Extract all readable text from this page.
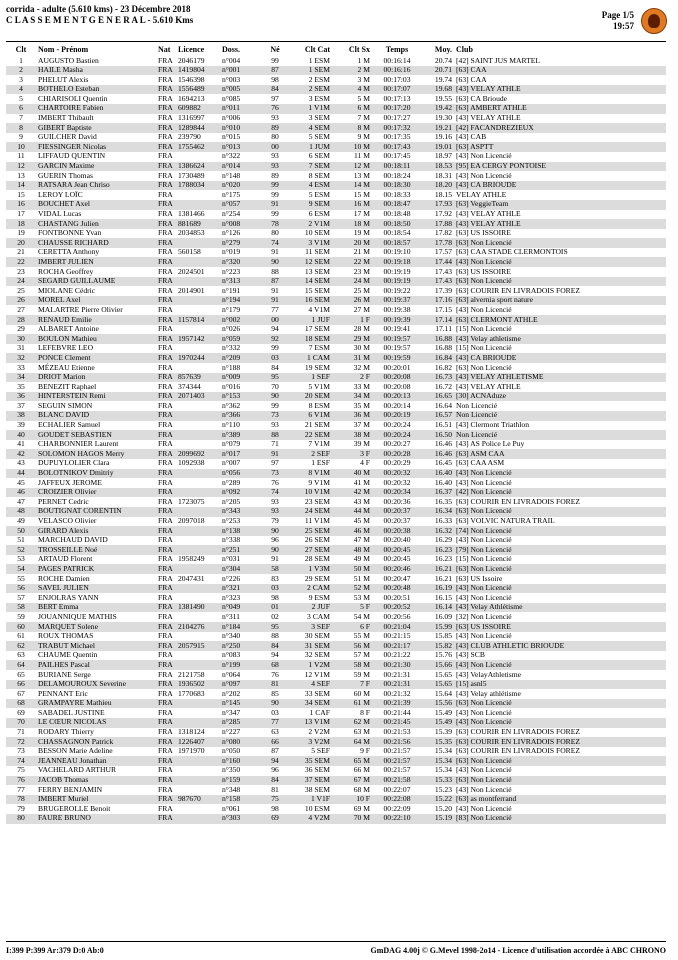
corrida - adulte (5.610 kms) - 23 Décembre 2018
C L A S S E M E N T G E N E R A L - 5.610 Kms	Page 1/5
19:57
Clt	Nom - Prénom	Nat	Licence	Doss.	Né	Clt Cat	Clt Sx	Temps	Moy.	Club
1	AUGUSTO Bastien	FRA	2046179	n°004	99	1 ESM	1 M	00:16:14	20.74	[42] SAINT JUS MARTEL
2	HAILE Masha	FRA	1419804	n°001	87	1 SEM	2 M	00:16:16	20.71	[63] CAA
3	PHELUT Alexis	FRA	1546398	n°003	98	2 ESM	3 M	00:17:03	19.74	[63] CAA
4	BOTHELO Esteban	FRA	1556489	n°005	84	2 SEM	4 M	00:17:07	19.68	[43] VELAY ATHLE
5	CHIARISOLI Quentin	FRA	1694213	n°085	97	3 ESM	5 M	00:17:13	19.55	[63] CA Brioude
6	CHARTOIRE Fabien	FRA	609882	n°011	76	1 V1M	6 M	00:17:20	19.42	[63] AMBERT ATHLE
7	IMBERT Thibault	FRA	1316997	n°006	93	3 SEM	7 M	00:17:27	19.30	[43] VELAY ATHLE
8	GIBERT Baptiste	FRA	1289844	n°010	89	4 SEM	8 M	00:17:32	19.21	[42] FACANDREZIEUX
9	GUILCHER David	FRA	239790	n°015	80	5 SEM	9 M	00:17:35	19.16	[43] CAB
10	FIESSINGER Nicolas	FRA	1755462	n°013	00	1 JUM	10 M	00:17:43	19.01	[63] ASPTT
11	LIFFAUD QUENTIN	FRA		n°322	93	6 SEM	11 M	00:17:45	18.97	[43] Non Licencié
12	GARCIN Maxime	FRA	1386624	n°014	93	7 SEM	12 M	00:18:11	18.53	[95] EA CERGY PONTOISE
13	GUERIN Thomas	FRA	1730489	n°148	89	8 SEM	13 M	00:18:24	18.31	[43] Non Licencié
14	RATSARA Jean Chriso	FRA	1788034	n°020	99	4 ESM	14 M	00:18:30	18.20	[43] CA BRIOUDE
15	LEROY LOÏC	FRA		n°175	99	5 ESM	15 M	00:18:33	18.15	VELAY ATHLE
16	BOUCHET Axel	FRA		n°057	91	9 SEM	16 M	00:18:47	17.93	[63] VeggieTeam
17	VIDAL Lucas	FRA	1381466	n°254	99	6 ESM	17 M	00:18:48	17.92	[43] VELAY ATHLE
18	CHASTANG Julien	FRA	881689	n°008	78	2 V1M	18 M	00:18:50	17.88	[43] VELAY ATHLE
19	FONTBONNE Yvan	FRA	2034853	n°126	80	10 SEM	19 M	00:18:54	17.82	[63] US ISSOIRE
20	CHAUSSE RICHARD	FRA		n°279	74	3 V1M	20 M	00:18:57	17.78	[63] Non Licencié
21	CERETTA Anthony	FRA	560158	n°019	91	11 SEM	21 M	00:19:10	17.57	[63] CAA STADE CLERMONTOIS
22	IMBERT JULIEN	FRA		n°320	90	12 SEM	22 M	00:19:18	17.44	[43] Non Licencié
23	ROCHA Geoffrey	FRA	2024501	n°223	88	13 SEM	23 M	00:19:19	17.43	[63] US ISSOIRE
24	SEGARD GUILLAUME	FRA		n°313	87	14 SEM	24 M	00:19:19	17.43	[63] Non Licencié
25	MIOLANE Cédric	FRA	2014901	n°191	91	15 SEM	25 M	00:19:22	17.39	[63] COURIR EN LIVRADOIS FOREZ
26	MOREL Axel	FRA		n°194	91	16 SEM	26 M	00:19:37	17.16	[63] alvernia sport nature
27	MALARTRE Pierre Olivier	FRA		n°179	77	4 V1M	27 M	00:19:38	17.15	[43] Non Licencié
28	RENAUD Emilie	FRA	1157814	n°002	00	1 JUF	1 F	00:19:39	17.14	[63] CLERMONT ATHLE
29	ALBARET Antoine	FRA		n°026	94	17 SEM	28 M	00:19:41	17.11	[15] Non Licencié
30	BOULON Mathieu	FRA	1957142	n°059	92	18 SEM	29 M	00:19:57	16.88	[43] Velay athletisme
31	LEFEBVRE LEO	FRA		n°332	99	7 ESM	30 M	00:19:57	16.88	[15] Non Licencié
32	PONCE Clement	FRA	1970244	n°209	03	1 CAM	31 M	00:19:59	16.84	[43] CA BRIOUDE
33	MÉZEAU Etienne	FRA		n°188	84	19 SEM	32 M	00:20:01	16.82	[63] Non Licencié
34	DRIOT Marion	FRA	857639	n°009	95	1 SEF	2 F	00:20:08	16.73	[43] VELAY ATHLETISME
35	BENEZIT Raphael	FRA	374344	n°016	70	5 V1M	33 M	00:20:08	16.72	[43] VELAY ATHLE
36	HINTERSTEIN Remi	FRA	2071403	n°153	90	20 SEM	34 M	00:20:13	16.65	[30] ACNAduze
37	SEGUIN SIMON	FRA		n°362	99	8 ESM	35 M	00:20:14	16.64	Non Licencié
38	BLANC DAVID	FRA		n°366	73	6 V1M	36 M	00:20:19	16.57	Non Licencié
39	ECHALIER Samuel	FRA		n°110	93	21 SEM	37 M	00:20:24	16.51	[43] Clermont Triathlon
40	GOUDET SEBASTIEN	FRA		n°389	88	22 SEM	38 M	00:20:24	16.50	Non Licencié
41	CHARBONNIER Laurent	FRA		n°079	71	7 V1M	39 M	00:20:27	16.46	[43] AS Police Le Puy
42	SOLOMON HAGOS Merry	FRA	2099692	n°017	91	2 SEF	3 F	00:20:28	16.46	[63] ASM CAA
43	DUPUYLOLIER Clara	FRA	1092938	n°007	97	1 ESF	4 F	00:20:29	16.45	[63] CAA ASM
44	BOLOTNIKOV Dmitriy	FRA		n°056	73	8 V1M	40 M	00:20:32	16.40	[43] Non Licencié
45	JAFFEUX JEROME	FRA		n°289	76	9 V1M	41 M	00:20:32	16.40	[43] Non Licencié
46	CROIZIER Olivier	FRA		n°092	74	10 V1M	42 M	00:20:34	16.37	[42] Non Licencié
47	PERNET Cedric	FRA	1723075	n°205	93	23 SEM	43 M	00:20:36	16.35	[63] COURIR EN LIVRADOIS FOREZ
48	BOUTIGNAT CORENTIN	FRA		n°343	93	24 SEM	44 M	00:20:37	16.34	[63] Non Licencié
49	VELASCO Olivier	FRA	2097018	n°253	79	11 V1M	45 M	00:20:37	16.33	[63] VOLVIC NATURA TRAIL
50	GIRARD Alexis	FRA		n°138	90	25 SEM	46 M	00:20:38	16.32	[74] Non Licencié
51	MARCHAUD DAVID	FRA		n°338	96	26 SEM	47 M	00:20:40	16.29	[43] Non Licencié
52	TROSSEILLE Noé	FRA		n°251	90	27 SEM	48 M	00:20:45	16.23	[79] Non Licencié
53	ARTAUD Florent	FRA	1958249	n°031	91	28 SEM	49 M	00:20:45	16.23	[15] Non Licencié
54	PAGES PATRICK	FRA		n°304	58	1 V3M	50 M	00:20:46	16.21	[63] Non Licencié
55	ROCHE Damien	FRA	2047431	n°226	83	29 SEM	51 M	00:20:47	16.21	[63] US Issoire
56	SAVEL JULIEN	FRA		n°321	03	2 CAM	52 M	00:20:48	16.19	[43] Non Licencié
57	ENJOLRAS YANN	FRA		n°323	98	9 ESM	53 M	00:20:51	16.15	[43] Non Licencié
58	BERT Emma	FRA	1381490	n°049	01	2 JUF	5 F	00:20:52	16.14	[43] Velay Athlétisme
59	JOUANNIQUE MATHIS	FRA		n°311	02	3 CAM	54 M	00:20:56	16.09	[32] Non Licencié
60	MARQUET Solene	FRA	2104276	n°184	95	3 SEF	6 F	00:21:04	15.99	[63] US ISSOIRE
61	ROUX THOMAS	FRA		n°340	88	30 SEM	55 M	00:21:15	15.85	[43] Non Licencié
62	TRABUT Michael	FRA	2057915	n°250	84	31 SEM	56 M	00:21:17	15.82	[43] CLUB ATHLETIC BRIOUDE
63	CHAUME Quentin	FRA		n°083	94	32 SEM	57 M	00:21:22	15.76	[43] SCB
64	PAILHES Pascal	FRA		n°199	68	1 V2M	58 M	00:21:30	15.66	[43] Non Licencié
65	BURIANE Serge	FRA	2121758	n°064	76	12 V1M	59 M	00:21:31	15.65	[43] VelayAthletisme
66	DELAMOUROUX Severine	FRA	1936502	n°097	81	4 SEF	7 F	00:21:31	15.65	[15] asnl5
67	PENNANT Eric	FRA	1770683	n°202	85	33 SEM	60 M	00:21:32	15.64	[43] Velay athlétisme
68	GRAMPAYRE Mathieu	FRA		n°145	90	34 SEM	61 M	00:21:39	15.56	[63] Non Licencié
69	SABADEL JUSTINE	FRA		n°347	03	1 CAF	8 F	00:21:44	15.49	[43] Non Licencié
70	LE CŒUR NICOLAS	FRA		n°285	77	13 V1M	62 M	00:21:45	15.49	[43] Non Licencié
71	RODARY Thierry	FRA	1318124	n°227	63	2 V2M	63 M	00:21:53	15.39	[63] COURIR EN LIVRADOIS FOREZ
72	CHASSAGNON Patrick	FRA	1226407	n°080	66	3 V2M	64 M	00:21:56	15.35	[63] COURIR EN LIVRADOIS FOREZ
73	BESSON Marie Adeline	FRA	1971970	n°050	87	5 SEF	9 F	00:21:57	15.34	[63] COURIR EN LIVRADOIS FOREZ
74	JEANNEAU Jonathan	FRA		n°160	94	35 SEM	65 M	00:21:57	15.34	[63] Non Licencié
75	VACHELARD ARTHUR	FRA		n°350	96	36 SEM	66 M	00:21:57	15.34	[43] Non Licencié
76	JACOB Thomas	FRA		n°159	84	37 SEM	67 M	00:21:58	15.33	[63] Non Licencié
77	FERRY BENJAMIN	FRA		n°348	81	38 SEM	68 M	00:22:07	15.23	[43] Non Licencié
78	IMBERT Muriel	FRA	987670	n°158	75	1 V1F	10 F	00:22:08	15.22	[63] as montferrand
79	BRUGEROLLE Benoit	FRA		n°061	98	10 ESM	69 M	00:22:09	15.20	[43] Non Licencié
80	FAURE BRUNO	FRA		n°303	69	4 V2M	70 M	00:22:10	15.19	[83] Non Licencié
I:399 P:399 Ar:379 D:0 Ab:0	GmDAG 4.00j © G.Mevel 1998-2o14 - Licence d'utilisation accordée à ABC CHRONO
